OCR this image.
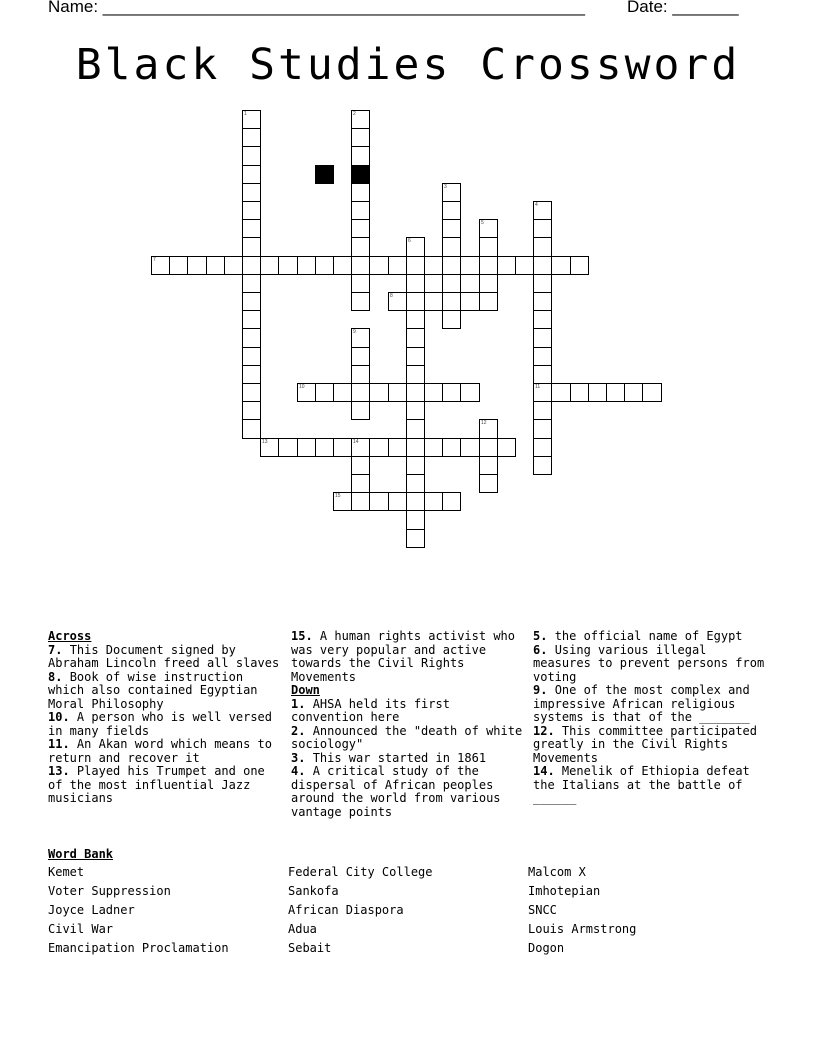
Name: ___________________________________________________ Date: _______
Black Studies Crossword
1	2
3
4
11
5
6
7
8
9
10
12
13	14
15
Across
7. This Document signed by Abraham Lincoln freed all slaves
8. Book of wise instruction which also contained Egyptian Moral Philosophy
10. A person who is well versed in many fields
11. An Akan word which means to return and recover it
13. Played his Trumpet and one of the most influential Jazz musicians
15. A human rights activist who was very popular and active towards the Civil Rights Movements
Down
1. AHSA held its first convention here
2. Announced the "death of white sociology"
3. This war started in 1861
4. A critical study of the dispersal of African peoples around the world from various vantage points
5. the official name of Egypt
6. Using various illegal measures to prevent persons from voting
9. One of the most complex and impressive African religious systems is that of the _______
12. This committee participated greatly in the Civil Rights Movements
14. Menelik of Ethiopia defeat the Italians at the battle of ______
Word Bank
Kemet
Voter Suppression
Joyce Ladner
Civil War
Emancipation Proclamation
Federal City College
Sankofa
African Diaspora
Adua
Sebait
Malcom X
Imhotepian
SNCC
Louis Armstrong
Dogon
